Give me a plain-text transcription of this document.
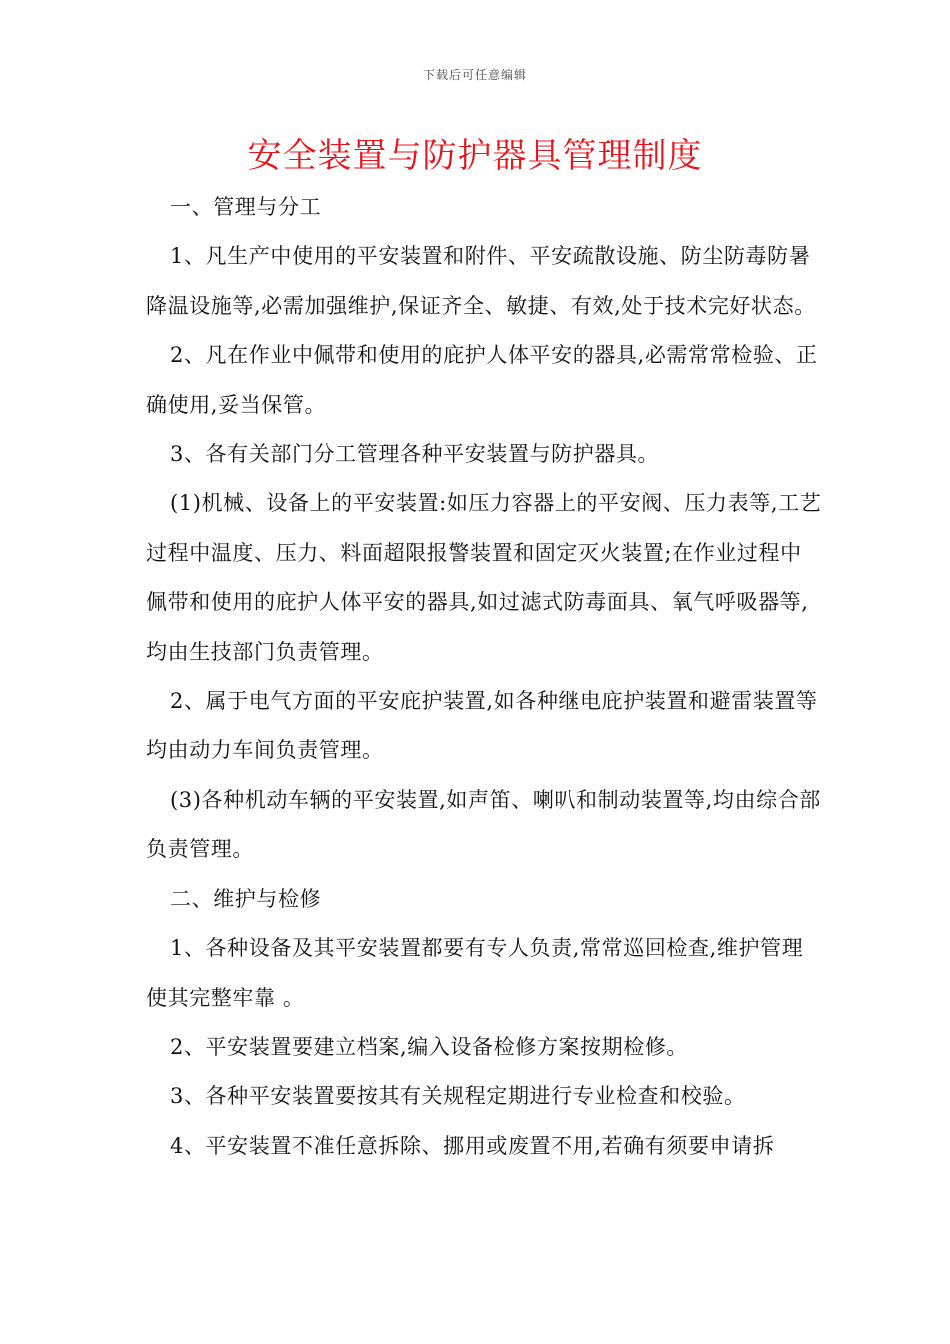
下载后可任意编辑
安全装置与防护器具管理制度

一、管理与分工

1、凡生产中使用的平安装置和附件、平安疏散设施、防尘防毒防暑降温设施等,必需加强维护,保证齐全、敏捷、有效,处于技术完好状态。

2、凡在作业中佩带和使用的庇护人体平安的器具,必需常常检验、正确使用,妥当保管。

3、各有关部门分工管理各种平安装置与防护器具。

(1)机械、设备上的平安装置:如压力容器上的平安阀、压力表等,工艺过程中温度、压力、料面超限报警装置和固定灭火装置;在作业过程中佩带和使用的庇护人体平安的器具,如过滤式防毒面具、氧气呼吸器等,均由生技部门负责管理。

2、属于电气方面的平安庇护装置,如各种继电庇护装置和避雷装置等均由动力车间负责管理。

(3)各种机动车辆的平安装置,如声笛、喇叭和制动装置等,均由综合部负责管理。

二、维护与检修

1、各种设备及其平安装置都要有专人负责,常常巡回检查,维护管理使其完整牢靠 。

2、平安装置要建立档案,编入设备检修方案按期检修。

3、各种平安装置要按其有关规程定期进行专业检查和校验。

4、平安装置不准任意拆除、挪用或废置不用,若确有须要申请拆
